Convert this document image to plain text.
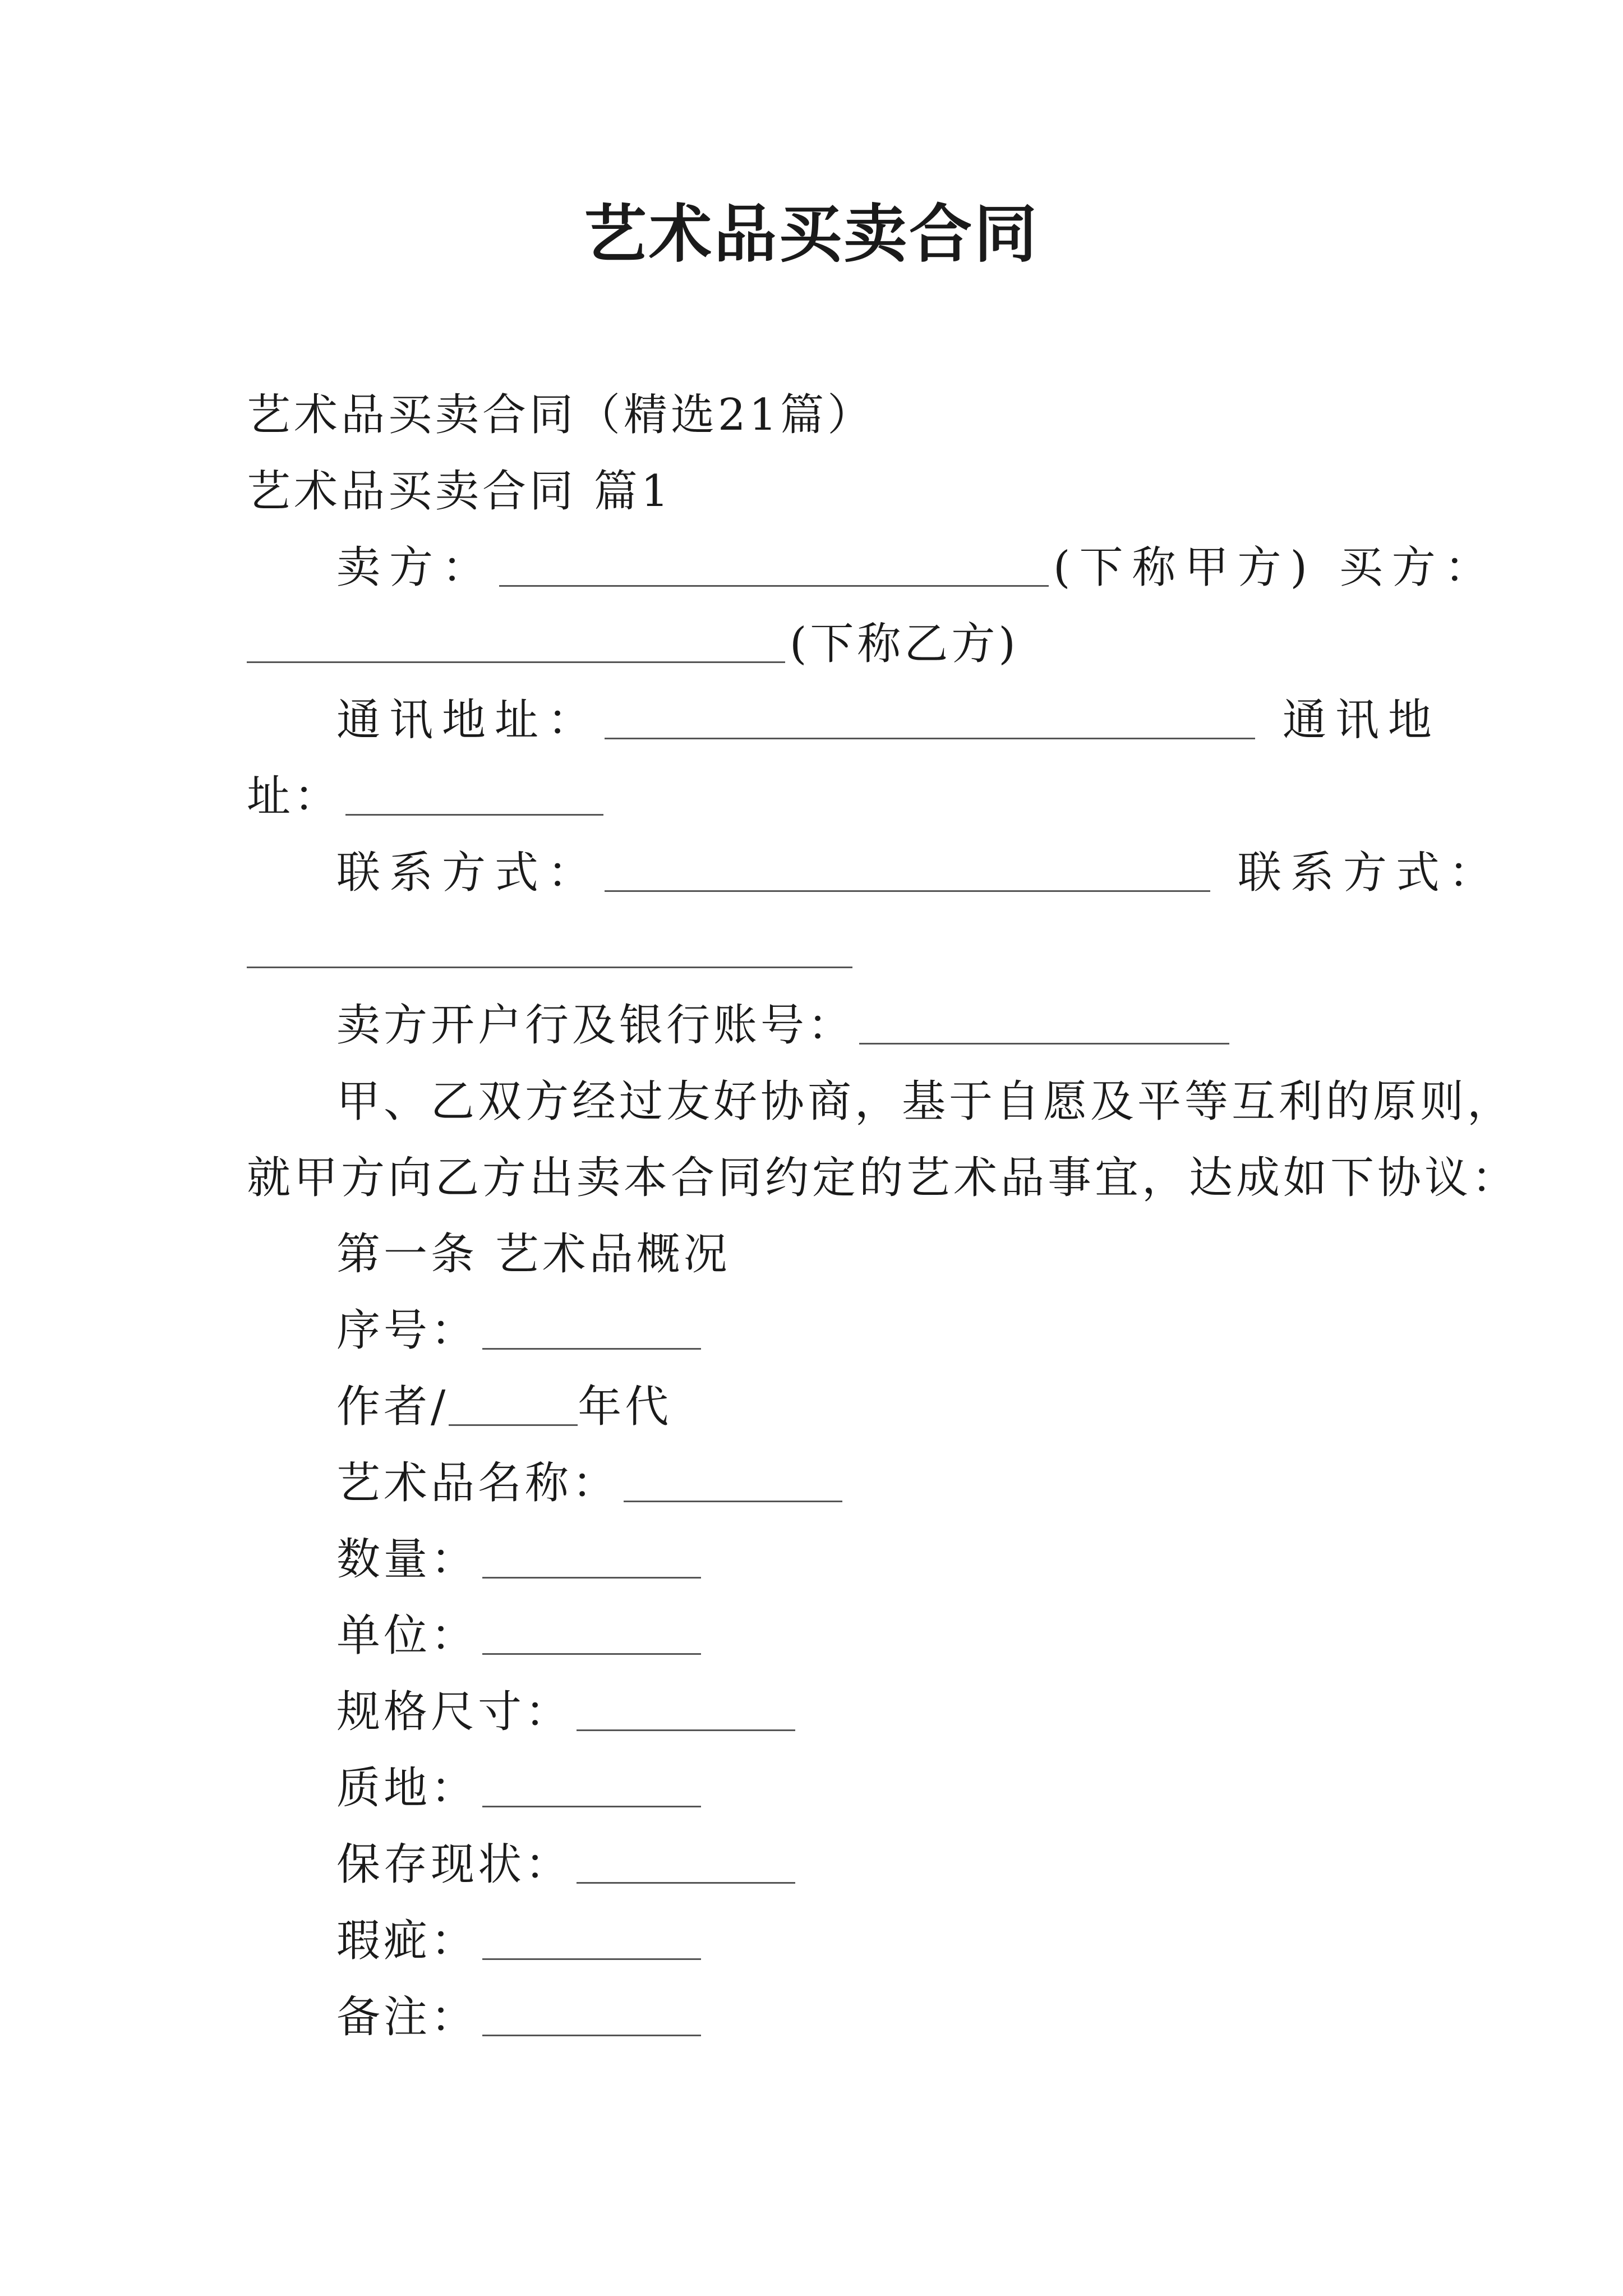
艺术品买卖合同
艺术品买卖合同（精选21篇）
艺术品买卖合同 篇1
卖方：	(下称甲方) 买方：
(下称乙方)
通讯地址：	通讯地
址：
联系方式：	联系方式：
卖方开户行及银行账号：
甲、乙双方经过友好协商，基于自愿及平等互利的原则，
就甲方向乙方出卖本合同约定的艺术品事宜，达成如下协议：
第一条 艺术品概况
序号：
作者/	年代
艺术品名称：
数量：
单位：
规格尺寸：
质地：
保存现状：
瑕疵：
备注：
